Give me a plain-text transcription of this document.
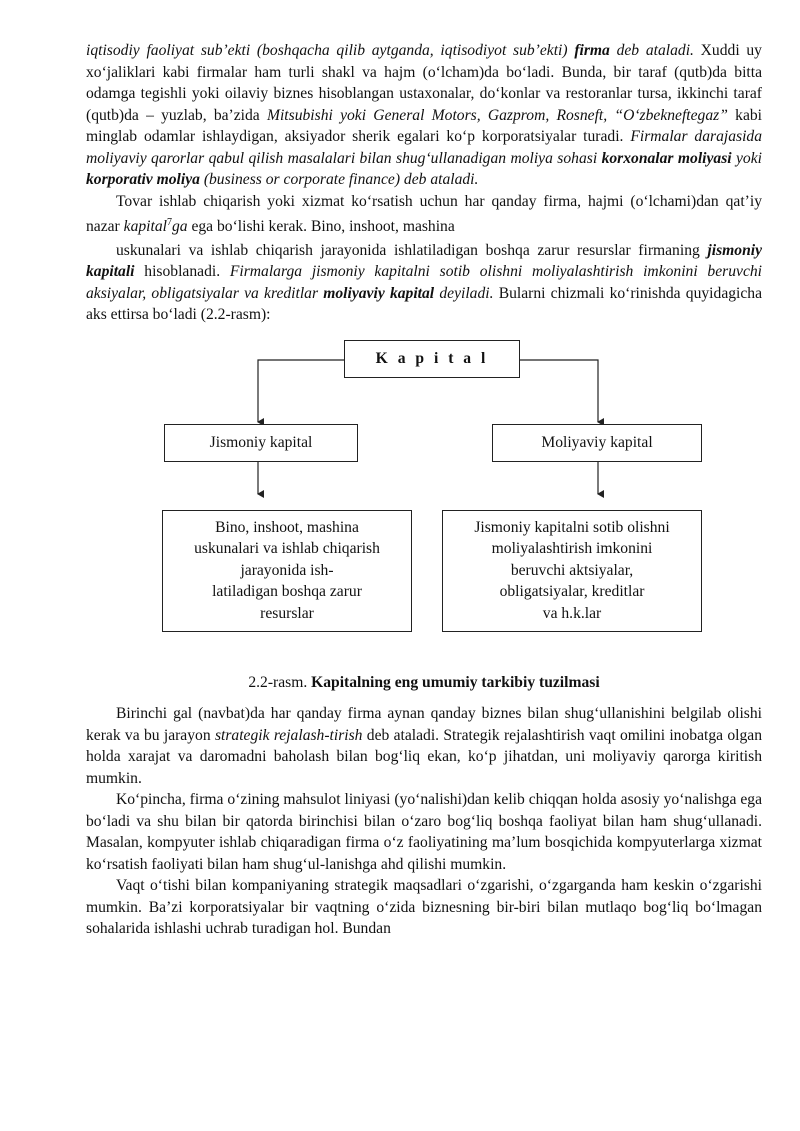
iqtisodiy faoliyat sub’ekti (boshqacha qilib aytganda, iqtisodiyot sub’ekti) firma deb ataladi. Xuddi uy xo‘jaliklari kabi firmalar ham turli shakl va hajm (o‘lcham)da bo‘ladi. Bunda, bir taraf (qutb)da bitta odamga tegishli yoki oilaviy biznes hisoblangan ustaxonalar, do‘konlar va restoranlar tursa, ikkinchi taraf (qutb)da – yuzlab, ba’zida Mitsubishi yoki General Motors, Gazprom, Rosneft, “O‘zbekneftegaz” kabi minglab odamlar ishlaydigan, aksiyador sherik egalari ko‘p korporatsiyalar turadi. Firmalar darajasida moliyaviy qarorlar qabul qilish masalalari bilan shug‘ullanadigan moliya sohasi korxonalar moliyasi yoki korporativ moliya (business or corporate finance) deb ataladi.

Tovar ishlab chiqarish yoki xizmat ko‘rsatish uchun har qanday firma, hajmi (o‘lchami)dan qat’iy nazar kapital$^7$ga ega bo‘lishi kerak. Bino, inshoot, mashina

uskunalari va ishlab chiqarish jarayonida ishlatiladigan boshqa zarur resurslar firmaning jismoniy kapitali hisoblanadi. Firmalarga jismoniy kapitalni sotib olishni moliyalashtirish imkonini beruvchi aksiyalar, obligatsiyalar va kreditlar moliyaviy kapital deyiladi. Bularni chizmali ko‘rinishda quyidagicha aks ettirsa bo‘ladi (2.2-rasm):

K a p i t a l
Jismoniy kapital	Moliyaviy kapital
Bino, inshoot, mashina
uskunalari va ishlab chiqarish
jarayonida ish-
latiladigan boshqa zarur
resurslar
Jismoniy kapitalni sotib olishni
moliyalashtirish imkonini
beruvchi aktsiyalar,
obligatsiyalar, kreditlar
va h.k.lar

2.2-rasm. Kapitalning eng umumiy tarkibiy tuzilmasi

Birinchi gal (navbat)da har qanday firma aynan qanday biznes bilan shug‘ullanishini belgilab olishi kerak va bu jarayon strategik rejalash-tirish deb ataladi. Strategik rejalashtirish vaqt omilini inobatga olgan holda xarajat va daromadni baholash bilan bog‘liq ekan, ko‘p jihatdan, uni moliyaviy qarorga kiritish mumkin.

Ko‘pincha, firma o‘zining mahsulot liniyasi (yo‘nalishi)dan kelib chiqqan holda asosiy yo‘nalishga ega bo‘ladi va shu bilan bir qatorda birinchisi bilan o‘zaro bog‘liq boshqa faoliyat bilan ham shug‘ullanadi. Masalan, kompyuter ishlab chiqaradigan firma o‘z faoliyatining ma’lum bosqichida kompyuterlarga xizmat ko‘rsatish faoliyati bilan ham shug‘ul-lanishga ahd qilishi mumkin.

Vaqt o‘tishi bilan kompaniyaning strategik maqsadlari o‘zgarishi, o‘zgarganda ham keskin o‘zgarishi mumkin. Ba’zi korporatsiyalar bir vaqtning o‘zida biznesning bir-biri bilan mutlaqo bog‘liq bo‘lmagan sohalarida ishlashi uchrab turadigan hol. Bundan
